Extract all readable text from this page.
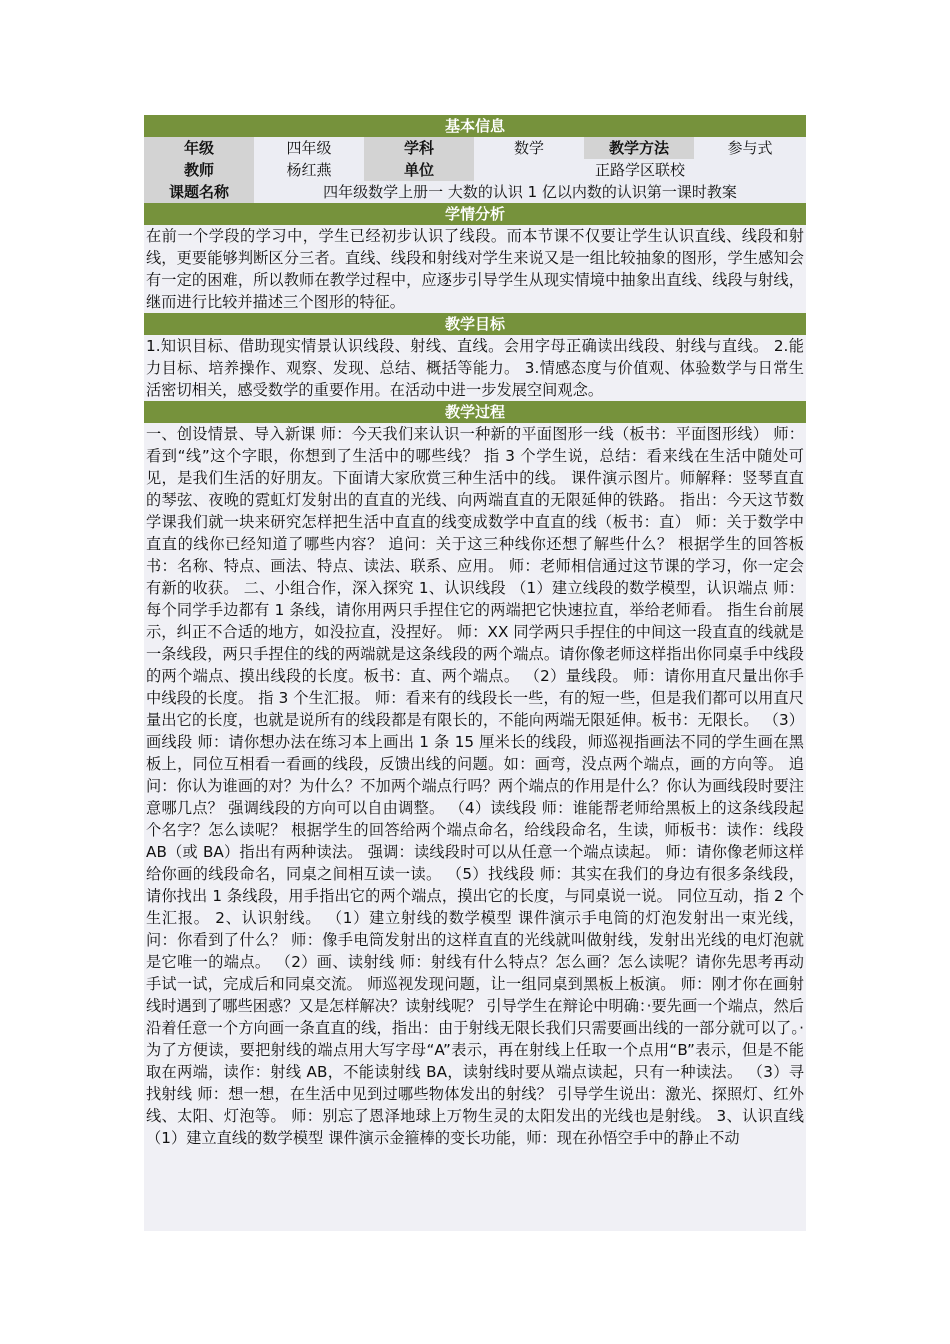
基本信息
年级	四年级	学科	数学	教学方法	参与式
教师	杨红燕	单位	正路学区联校
课题名称	四年级数学上册一 大数的认识 1 亿以内数的认识第一课时教案
学情分析
在前一个学段的学习中，学生已经初步认识了线段。而本节课不仅要让学生认识直线、线段和射线，更要能够判断区分三者。直线、线段和射线对学生来说又是一组比较抽象的图形，学生感知会有一定的困难，所以教师在教学过程中，应逐步引导学生从现实情境中抽象出直线、线段与射线，继而进行比较并描述三个图形的特征。
教学目标
1.知识目标、借助现实情景认识线段、射线、直线。会用字母正确读出线段、射线与直线。 2.能力目标、培养操作、观察、发现、总结、概括等能力。 3.情感态度与价值观、体验数学与日常生活密切相关，感受数学的重要作用。在活动中进一步发展空间观念。
教学过程
一、创设情景、导入新课 师：今天我们来认识一种新的平面图形一线（板书：平面图形线） 师：看到“线”这个字眼，你想到了生活中的哪些线？ 指 3 个学生说，总结：看来线在生活中随处可见，是我们生活的好朋友。下面请大家欣赏三种生活中的线。 课件演示图片。师解释：竖琴直直的琴弦、夜晚的霓虹灯发射出的直直的光线、向两端直直的无限延伸的铁路。 指出：今天这节数学课我们就一块来研究怎样把生活中直直的线变成数学中直直的线（板书：直） 师：关于数学中直直的线你已经知道了哪些内容？ 追问：关于这三种线你还想了解些什么？ 根据学生的回答板书：名称、特点、画法、特点、读法、联系、应用。 师：老师相信通过这节课的学习，你一定会有新的收获。 二、小组合作，深入探究 1、认识线段 （1）建立线段的数学模型，认识端点 师：每个同学手边都有 1 条线，请你用两只手捏住它的两端把它快速拉直，举给老师看。 指生台前展示，纠正不合适的地方，如没拉直，没捏好。 师：XX 同学两只手捏住的中间这一段直直的线就是一条线段，两只手捏住的线的两端就是这条线段的两个端点。请你像老师这样指出你同桌手中线段的两个端点、摸出线段的长度。板书：直、两个端点。 （2）量线段。 师：请你用直尺量出你手中线段的长度。 指 3 个生汇报。 师：看来有的线段长一些，有的短一些，但是我们都可以用直尺量出它的长度，也就是说所有的线段都是有限长的，不能向两端无限延伸。板书：无限长。 （3）画线段 师：请你想办法在练习本上画出 1 条 15 厘米长的线段，师巡视指画法不同的学生画在黑板上，同位互相看一看画的线段，反馈出线的问题。如：画弯，没点两个端点，画的方向等。 追问：你认为谁画的对？为什么？不加两个端点行吗？两个端点的作用是什么？你认为画线段时要注意哪几点？ 强调线段的方向可以自由调整。 （4）读线段 师：谁能帮老师给黑板上的这条线段起个名字？怎么读呢？ 根据学生的回答给两个端点命名，给线段命名，生读，师板书：读作：线段 AB（或 BA）指出有两种读法。 强调：读线段时可以从任意一个端点读起。 师：请你像老师这样给你画的线段命名，同桌之间相互读一读。 （5）找线段 师：其实在我们的身边有很多条线段，请你找出 1 条线段，用手指出它的两个端点，摸出它的长度，与同桌说一说。 同位互动，指 2 个生汇报。 2、认识射线。 （1）建立射线的数学模型 课件演示手电筒的灯泡发射出一束光线，问：你看到了什么？ 师：像手电筒发射出的这样直直的光线就叫做射线，发射出光线的电灯泡就是它唯一的端点。 （2）画、读射线 师：射线有什么特点？怎么画？怎么读呢？请你先思考再动手试一试，完成后和同桌交流。 师巡视发现问题，让一组同桌到黑板上板演。 师：刚才你在画射线时遇到了哪些困惑？又是怎样解决？读射线呢？ 引导学生在辩论中明确：·要先画一个端点，然后沿着任意一个方向画一条直直的线，指出：由于射线无限长我们只需要画出线的一部分就可以了。·为了方便读，要把射线的端点用大写字母“A”表示，再在射线上任取一个点用“B”表示，但是不能取在两端，读作：射线 AB，不能读射线 BA，读射线时要从端点读起，只有一种读法。 （3）寻找射线 师：想一想，在生活中见到过哪些物体发出的射线？ 引导学生说出：激光、探照灯、红外线、太阳、灯泡等。 师：别忘了恩泽地球上万物生灵的太阳发出的光线也是射线。 3、认识直线 （1）建立直线的数学模型 课件演示金箍棒的变长功能，师：现在孙悟空手中的静止不动
